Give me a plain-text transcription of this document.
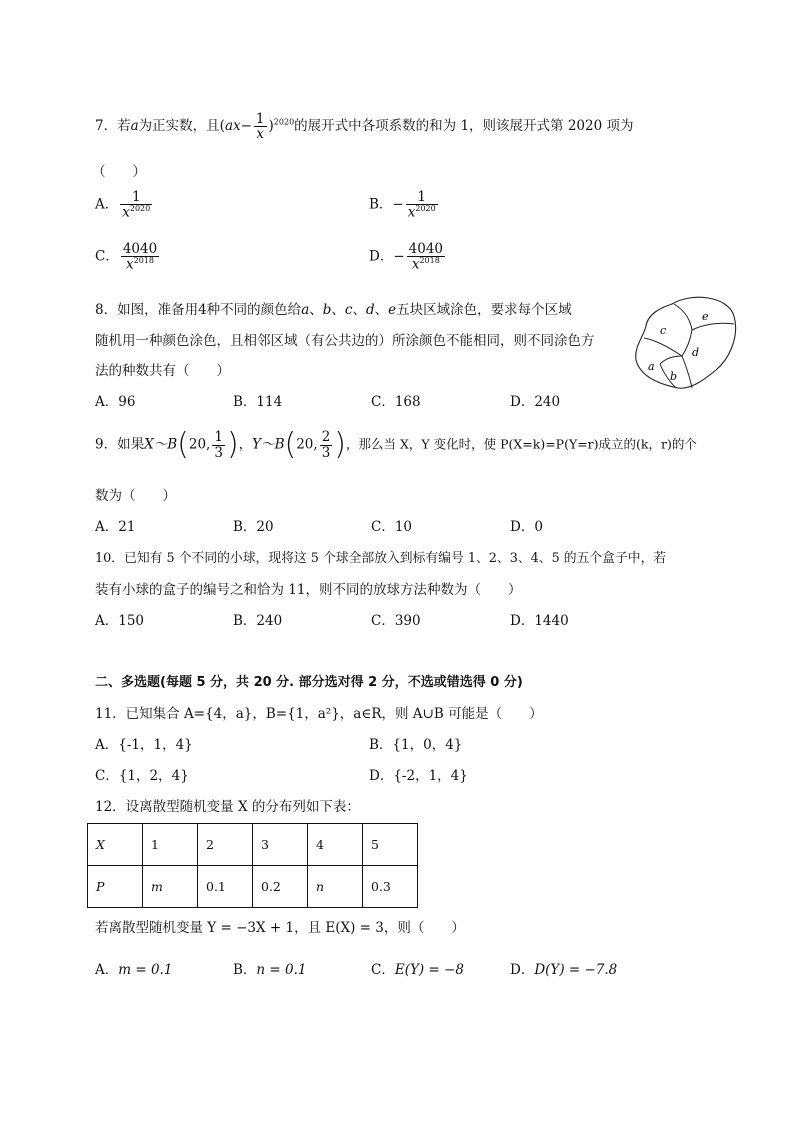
7．若a为正实数，且$(ax- \frac{1}{x} )^{2020}$的展开式中各项系数的和为 1，则该展开式第 2020 项为
（　　）
A． $\frac{1}{x^{2020}}$	B．− $\frac{1}{x^{2020}}$
C． $\frac{4040}{x^{2018}}$	D．− $\frac{4040}{x^{2018}}$
8．如图，准备用4种不同的颜色给a、b、c、d、e五块区域涂色，要求每个区域
随机用一种颜色涂色，且相邻区域（有公共边的）所涂颜色不能相同，则不同涂色方
法的种数共有（　　）
c
e
d
a
b
A．96	B．114	C．168	D．240
9．如果X～B(20, $\frac{1}{3}$ )，Y～B(20, $\frac{2}{3}$ )，那么当 X，Y 变化时，使 P(X=k)=P(Y=r)成立的(k，r)的个
数为（　　）
A．21	B．20	C．10	D．0
10．已知有 5 个不同的小球，现将这 5 个球全部放入到标有编号 1、2、3、4、5 的五个盒子中，若
装有小球的盒子的编号之和恰为 11，则不同的放球方法种数为（　　）
A．150	B．240	C．390	D．1440
二、多选题(每题 5 分，共 20 分. 部分选对得 2 分，不选或错选得 0 分)
11．已知集合 A={4，a}，B={1，a²}，a∈R，则 A∪B 可能是（　　）
A．{-1，1，4}	B．{1，0，4}
C．{1，2，4}	D．{-2，1，4}
12．设离散型随机变量 X 的分布列如下表：
X	1	2	3	4	5
P	m	0.1	0.2	n	0.3
若离散型随机变量 Y = −3X + 1，且 E(X) = 3，则（　　）
A．m = 0.1	B．n = 0.1	C．E(Y) = −8	D．D(Y) = −7.8
